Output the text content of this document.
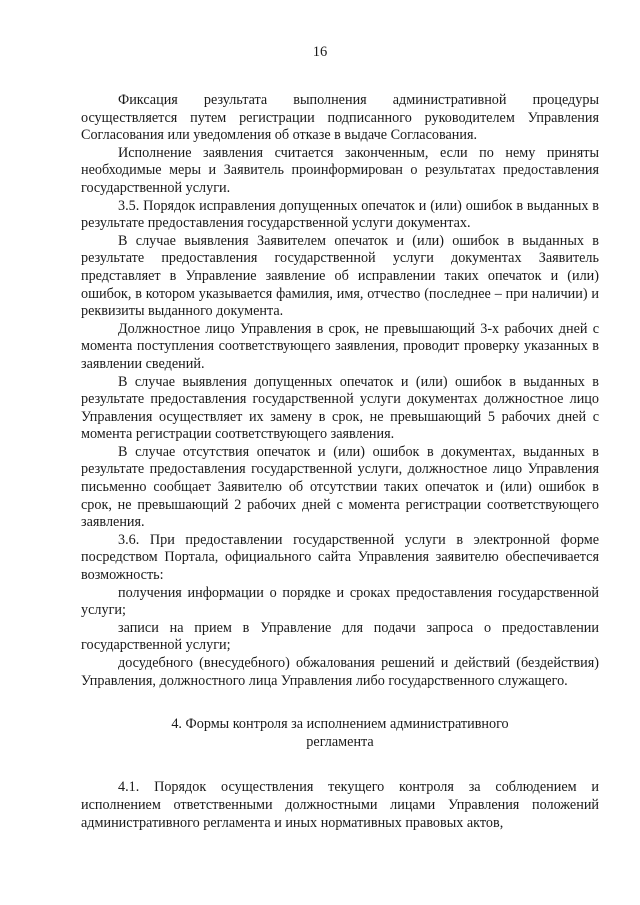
16

Фиксация результата выполнения административной процедуры осуществляется путем регистрации подписанного руководителем Управления Согласования или уведомления об отказе в выдаче Согласования.

Исполнение заявления считается законченным, если по нему приняты необходимые меры и Заявитель проинформирован о результатах предоставления государственной услуги.

3.5. Порядок исправления допущенных опечаток и (или) ошибок в выданных в результате предоставления государственной услуги документах.

В случае выявления Заявителем опечаток и (или) ошибок в выданных в результате предоставления государственной услуги документах Заявитель представляет в Управление заявление об исправлении таких опечаток и (или) ошибок, в котором указывается фамилия, имя, отчество (последнее – при наличии) и реквизиты выданного документа.

Должностное лицо Управления в срок, не превышающий 3-х рабочих дней с момента поступления соответствующего заявления, проводит проверку указанных в заявлении сведений.

В случае выявления допущенных опечаток и (или) ошибок в выданных в результате предоставления государственной услуги документах должностное лицо Управления осуществляет их замену в срок, не превышающий 5 рабочих дней с момента регистрации соответствующего заявления.

В случае отсутствия опечаток и (или) ошибок в документах, выданных в результате предоставления государственной услуги, должностное лицо Управления письменно сообщает Заявителю об отсутствии таких опечаток и (или) ошибок в срок, не превышающий 2 рабочих дней с момента регистрации соответствующего заявления.

3.6. При предоставлении государственной услуги в электронной форме посредством Портала, официального сайта Управления заявителю обеспечивается возможность:

получения информации о порядке и сроках предоставления государственной услуги;

записи на прием в Управление для подачи запроса о предоставлении государственной услуги;

досудебного (внесудебного) обжалования решений и действий (бездействия) Управления, должностного лица Управления либо государственного служащего.

4. Формы контроля за исполнением административного
регламента

4.1. Порядок осуществления текущего контроля за соблюдением и исполнением ответственными должностными лицами Управления положений административного регламента и иных нормативных правовых актов,
